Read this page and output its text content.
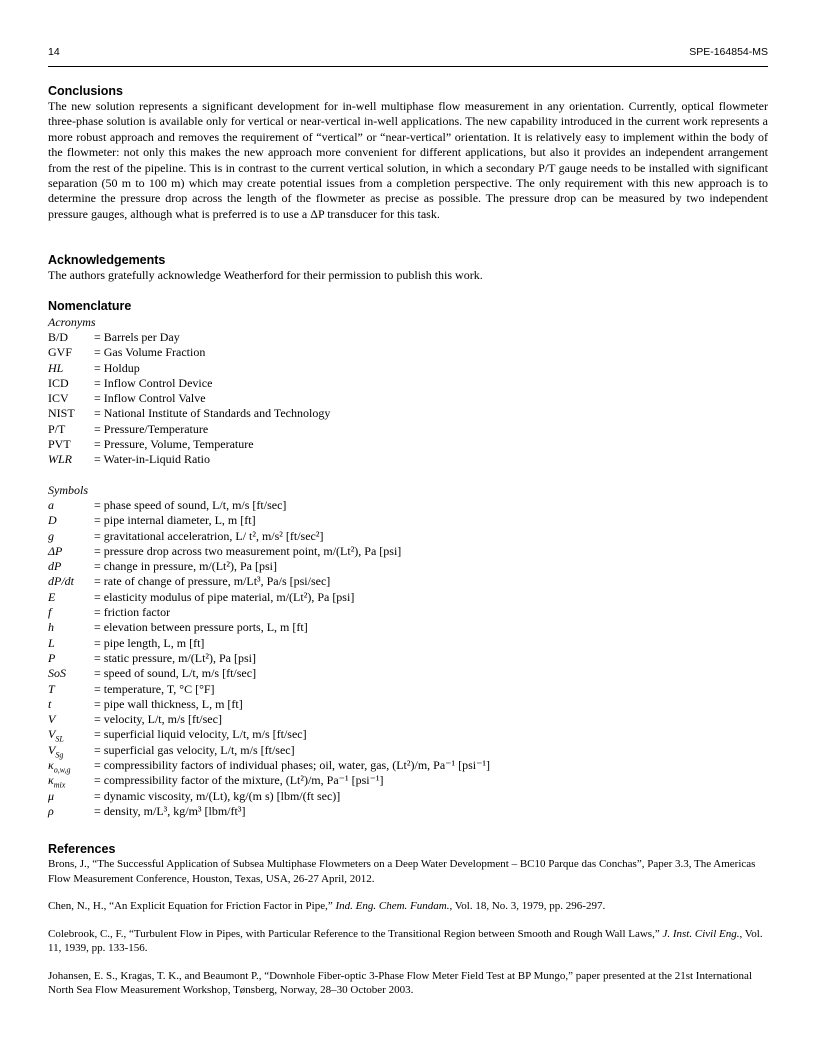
14	SPE-164854-MS
Conclusions

The new solution represents a significant development for in-well multiphase flow measurement in any orientation. Currently, optical flowmeter three-phase solution is available only for vertical or near-vertical in-well applications. The new capability introduced in the current work represents a more robust approach and removes the requirement of “vertical” or “near-vertical” orientation. It is relatively easy to implement within the body of the flowmeter: not only this makes the new approach more convenient for different applications, but also it provides an independent arrangement from the rest of the pipeline. This is in contrast to the current vertical solution, in which a secondary P/T gauge needs to be installed with significant separation (50 m to 100 m) which may create potential issues from a completion perspective. The only requirement with this new approach is to determine the pressure drop across the length of the flowmeter as precise as possible. The pressure drop can be measured by two independent pressure gauges, although what is preferred is to use a ΔP transducer for this task.

Acknowledgements

The authors gratefully acknowledge Weatherford for their permission to publish this work.

Nomenclature
Acronyms
B/D	= Barrels per Day
GVF	= Gas Volume Fraction
HL	= Holdup
ICD	= Inflow Control Device
ICV	= Inflow Control Valve
NIST	= National Institute of Standards and Technology
P/T	= Pressure/Temperature
PVT	= Pressure, Volume, Temperature
WLR	= Water-in-Liquid Ratio
Symbols
a	= phase speed of sound, L/t, m/s [ft/sec]
D	= pipe internal diameter, L, m [ft]
g	= gravitational acceleratrion, L/ t², m/s² [ft/sec²]
ΔP	= pressure drop across two measurement point, m/(Lt²), Pa [psi]
dP	= change in pressure, m/(Lt²), Pa [psi]
dP/dt	= rate of change of pressure, m/Lt³, Pa/s [psi/sec]
E	= elasticity modulus of pipe material, m/(Lt²), Pa [psi]
f	= friction factor
h	= elevation between pressure ports, L, m [ft]
L	= pipe length, L, m [ft]
P	= static pressure, m/(Lt²), Pa [psi]
SoS	= speed of sound, L/t, m/s [ft/sec]
T	= temperature, T, °C [°F]
t	= pipe wall thickness, L, m [ft]
V	= velocity, L/t, m/s [ft/sec]
$V_{SL}$	= superficial liquid velocity, L/t, m/s [ft/sec]
$V_{Sg}$	= superficial gas velocity, L/t, m/s [ft/sec]
$\kappa_{o,w,g}$	= compressibility factors of individual phases; oil, water, gas, (Lt²)/m, Pa⁻¹ [psi⁻¹]
$\kappa_{mix}$	= compressibility factor of the mixture, (Lt²)/m, Pa⁻¹ [psi⁻¹]
μ	= dynamic viscosity, m/(Lt), kg/(m s) [lbm/(ft sec)]
ρ	= density, m/L³, kg/m³ [lbm/ft³]
References

Brons, J., “The Successful Application of Subsea Multiphase Flowmeters on a Deep Water Development – BC10 Parque das Conchas”, Paper 3.3, The Americas Flow Measurement Conference, Houston, Texas, USA, 26-27 April, 2012.

Chen, N., H., “An Explicit Equation for Friction Factor in Pipe,” Ind. Eng. Chem. Fundam., Vol. 18, No. 3, 1979, pp. 296-297.

Colebrook, C., F., “Turbulent Flow in Pipes, with Particular Reference to the Transitional Region between Smooth and Rough Wall Laws,” J. Inst. Civil Eng., Vol. 11, 1939, pp. 133-156.

Johansen, E. S., Kragas, T. K., and Beaumont P., “Downhole Fiber-optic 3-Phase Flow Meter Field Test at BP Mungo,” paper presented at the 21st International North Sea Flow Measurement Workshop, Tønsberg, Norway, 28–30 October 2003.
